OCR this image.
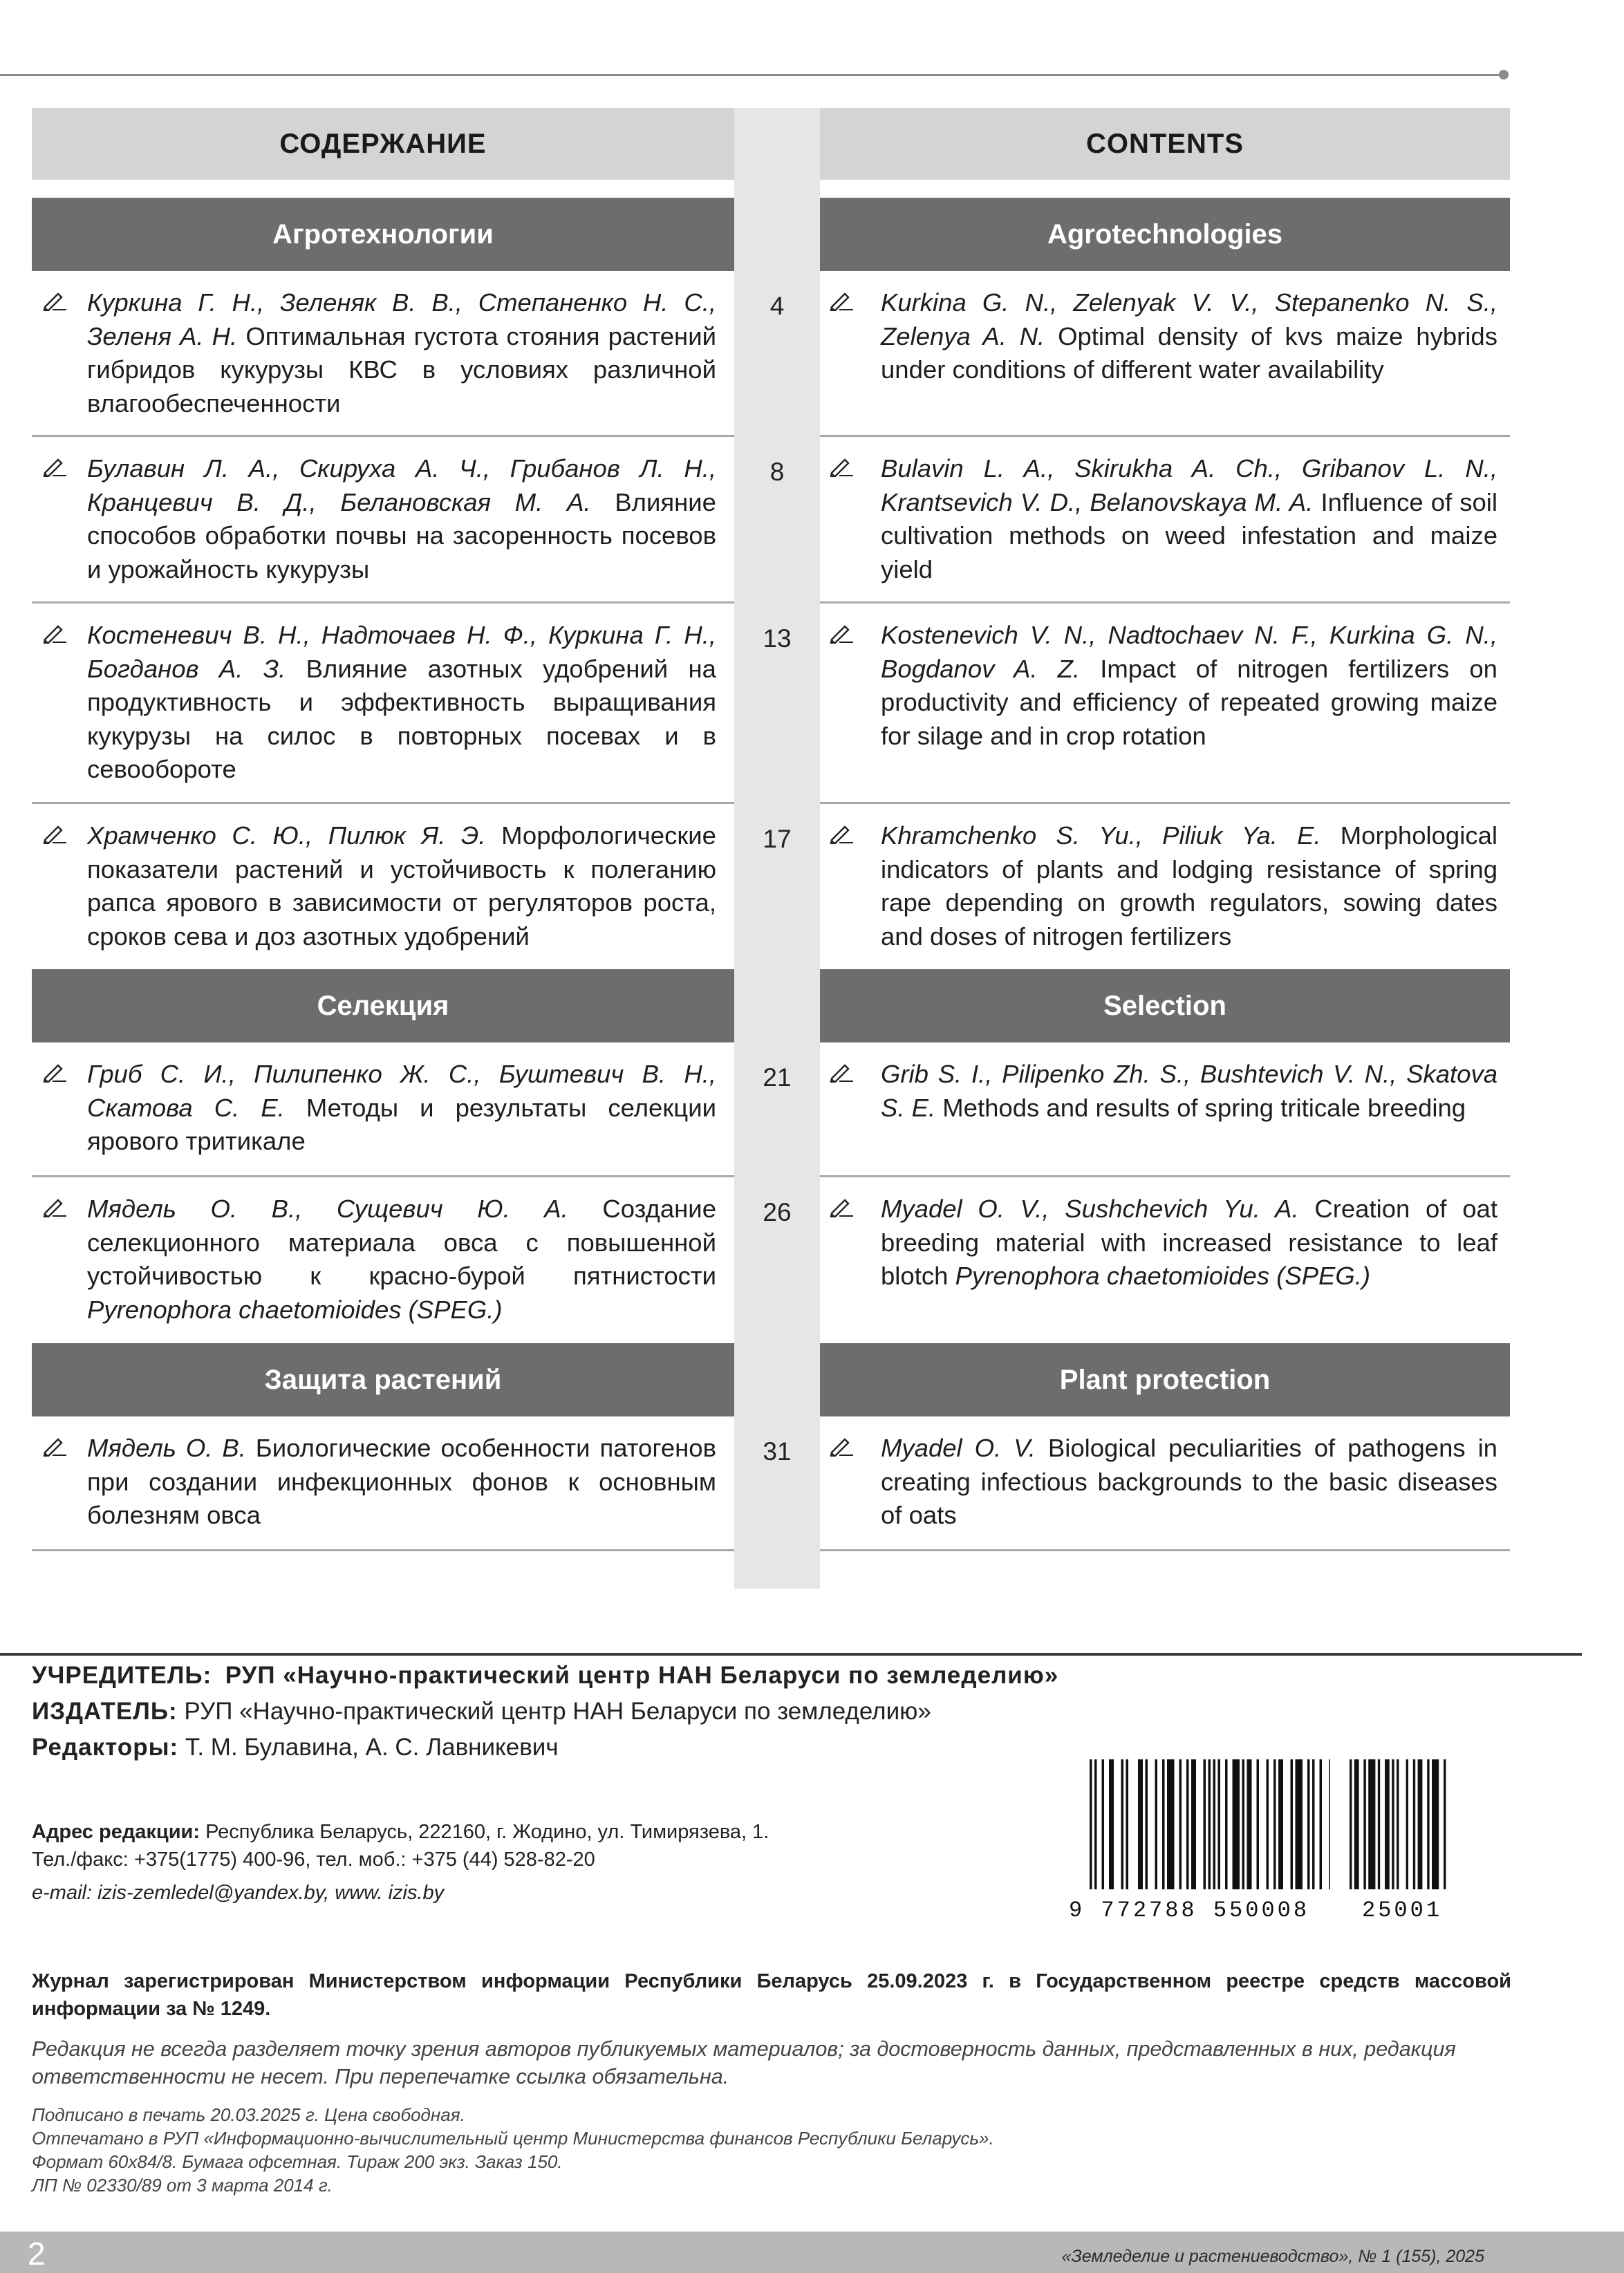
СОДЕРЖАНИЕ
Агротехнологии
Куркина Г. Н., Зеленяк В. В., Степаненко Н. С., Зеленя А. Н. Оптимальная густота стояния растений гибридов кукурузы КВС в условиях различной влагообеспеченности
Булавин Л. А., Скируха А. Ч., Грибанов Л. Н., Кранцевич В. Д., Белановская М. А. Влияние способов обработки почвы на засоренность посевов и урожайность кукурузы
Костеневич В. Н., Надточаев Н. Ф., Куркина Г. Н., Богданов А. З. Влияние азотных удобрений на продуктивность и эффективность выращивания кукурузы на силос в повторных посевах и в севообороте
Храмченко С. Ю., Пилюк Я. Э. Морфологические показатели растений и устойчивость к полеганию рапса ярового в зависимости от регуляторов роста, сроков сева и доз азотных удобрений
Селекция
Гриб С. И., Пилипенко Ж. С., Буштевич В. Н., Скатова С. Е. Методы и результаты селекции ярового тритикале
Мядель О. В., Сущевич Ю. А. Создание селекционного материала овса с повышенной устойчивостью к красно-бурой пятнистости Pyrenophora chaetomioides (SPEG.)
Защита растений
Мядель О. В. Биологические особенности патогенов при создании инфекционных фонов к основным болезням овса
4
8
13
17
21
26
31
CONTENTS
Agrotechnologies
Kurkina G. N., Zelenyak V. V., Stepanenko N. S., Zelenya A. N. Optimal density of kvs maize hybrids under conditions of different water availability
Bulavin L. A., Skirukha A. Ch., Gribanov L. N., Krantsevich V. D., Belanovskaya M. A. Influence of soil cultivation methods on weed infestation and maize yield
Kostenevich V. N., Nadtochaev N. F., Kurkina G. N., Bogdanov A. Z. Impact of nitrogen fertilizers on productivity and efficiency of repeated growing maize for silage and in crop rotation
Khramchenko S. Yu., Piliuk Ya. E. Morphological indicators of plants and lodging resistance of spring rape depending on growth regulators, sowing dates and doses of nitrogen fertilizers
Selection
Grib S. I., Pilipenko Zh. S., Bushtevich V. N., Skatova S. E. Methods and results of spring triticale breeding
Myadel O. V., Sushchevich Yu. A. Creation of oat breeding material with increased resistance to leaf blotch Pyrenophora chaetomioides (SPEG.)
Plant protection
Myadel O. V. Biological peculiarities of pathogens in creating infectious backgrounds to the basic diseases of oats
УЧРЕДИТЕЛЬ: РУП «Научно-практический центр НАН Беларуси по земледелию»
ИЗДАТЕЛЬ: РУП «Научно-практический центр НАН Беларуси по земледелию»
Редакторы: Т. М. Булавина, А. С. Лавникевич
Адрес редакции: Республика Беларусь, 222160, г. Жодино, ул. Тимирязева, 1.
Тел./факс: +375(1775) 400-96, тел. моб.: +375 (44) 528-82-20
e-mail: izis-zemledel@yandex.by, www. izis.by
9 772788 550008 25001
Журнал зарегистрирован Министерством информации Республики Беларусь 25.09.2023 г. в Государственном реестре средств массовой информации за № 1249.
Редакция не всегда разделяет точку зрения авторов публикуемых материалов; за достоверность данных, представленных в них, редакция ответственности не несет. При перепечатке ссылка обязательна.
Подписано в печать 20.03.2025 г. Цена свободная.
Отпечатано в РУП «Информационно-вычислительный центр Министерства финансов Республики Беларусь».
Формат 60х84/8. Бумага офсетная. Тираж 200 экз. Заказ 150.
ЛП № 02330/89 от 3 марта 2014 г.
2	«Земледелие и растениеводство», № 1 (155), 2025
